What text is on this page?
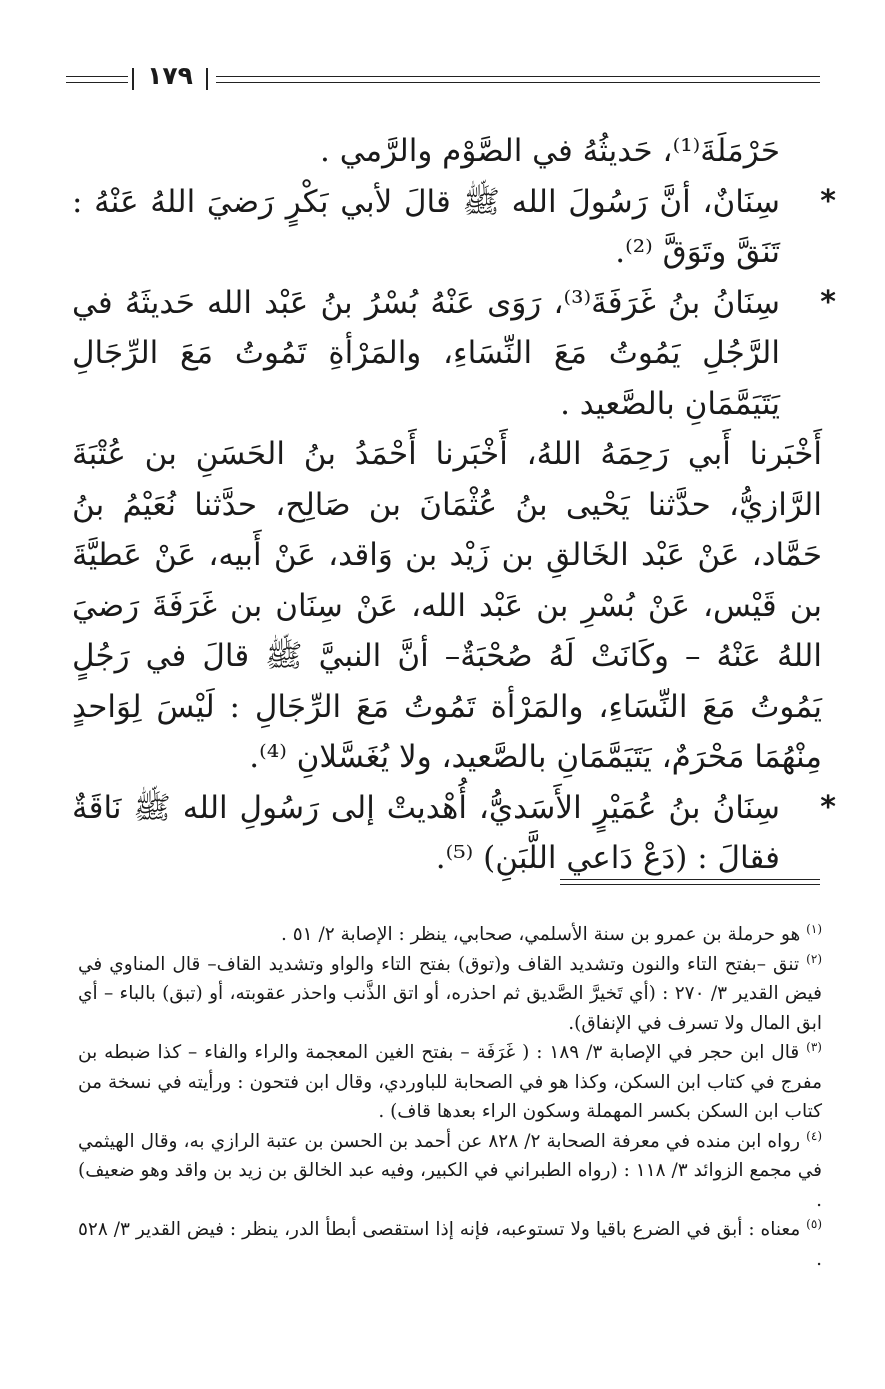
١٧٩

حَرْمَلَةَ⁽¹⁾، حَديثُهُ في الصَّوْم والرَّمي .

*
سِنَانٌ، أنَّ رَسُولَ الله ﷺ قالَ لأبي بَكْرٍ رَضيَ اللهُ عَنْهُ : تَنَقَّ وتَوَقَّ ⁽²⁾.

*
سِنَانُ بنُ غَرَفَةَ⁽³⁾، رَوَى عَنْهُ بُسْرُ بنُ عَبْد الله حَديثَهُ في الرَّجُلِ يَمُوتُ مَعَ النِّسَاءِ، والمَرْأةِ تَمُوتُ مَعَ الرِّجَالِ يَتَيَمَّمَانِ بالصَّعيد .

أَخْبَرنا أَبي رَحِمَهُ اللهُ، أَخْبَرنا أَحْمَدُ بنُ الحَسَنِ بن عُتْبَةَ الرَّازيُّ، حدَّثنا يَحْيى بنُ عُثْمَانَ بن صَالِح، حدَّثنا نُعَيْمُ بنُ حَمَّاد، عَنْ عَبْد الخَالقِ بن زَيْد بن وَاقد، عَنْ أَبيه، عَنْ عَطيَّةَ بن قَيْس، عَنْ بُسْرِ بن عَبْد الله، عَنْ سِنَان بن غَرَفَةَ رَضيَ اللهُ عَنْهُ – وكَانَتْ لَهُ صُحْبَةٌ– أنَّ النبيَّ ﷺ قالَ في رَجُلٍ يَمُوتُ مَعَ النِّسَاءِ، والمَرْأة تَمُوتُ مَعَ الرِّجَالِ : لَيْسَ لِوَاحدٍ مِنْهُمَا مَحْرَمٌ، يَتَيَمَّمَانِ بالصَّعيد، ولا يُغَسَّلانِ ⁽⁴⁾.

*
سِنَانُ بنُ عُمَيْرٍ الأَسَديُّ، أُهْديتْ إلى رَسُولِ الله ﷺ نَاقَةٌ فقالَ : (دَعْ دَاعي اللَّبَنِ) ⁽⁵⁾.

$^{(١)}$ هو حرملة بن عمرو بن سنة الأسلمي، صحابي، ينظر : الإصابة ٢/ ٥١ .

$^{(٢)}$ تنق –بفتح التاء والنون وتشديد القاف و(توق) بفتح التاء والواو وتشديد القاف– قال المناوي في فيض القدير ٣/ ٢٧٠ : (أي تَخيرَّ الصَّديق ثم احذره، أو اتق الذَّنب واحذر عقوبته، أو (تبق) بالباء – أي ابق المال ولا تسرف في الإنفاق).

$^{(٣)}$ قال ابن حجر في الإصابة ٣/ ١٨٩ : ( غَرَفَة – بفتح الغين المعجمة والراء والفاء – كذا ضبطه بن مفرج في كتاب ابن السكن، وكذا هو في الصحابة للباوردي، وقال ابن فتحون : ورأيته في نسخة من كتاب ابن السكن بكسر المهملة وسكون الراء بعدها قاف) .

$^{(٤)}$ رواه ابن منده في معرفة الصحابة ٢/ ٨٢٨ عن أحمد بن الحسن بن عتبة الرازي به، وقال الهيثمي في مجمع الزوائد ٣/ ١١٨ : (رواه الطبراني في الكبير، وفيه عبد الخالق بن زيد بن واقد وهو ضعيف) .

$^{(٥)}$ معناه : أبق في الضرع باقيا ولا تستوعبه، فإنه إذا استقصى أبطأ الدر، ينظر : فيض القدير ٣/ ٥٢٨ .
